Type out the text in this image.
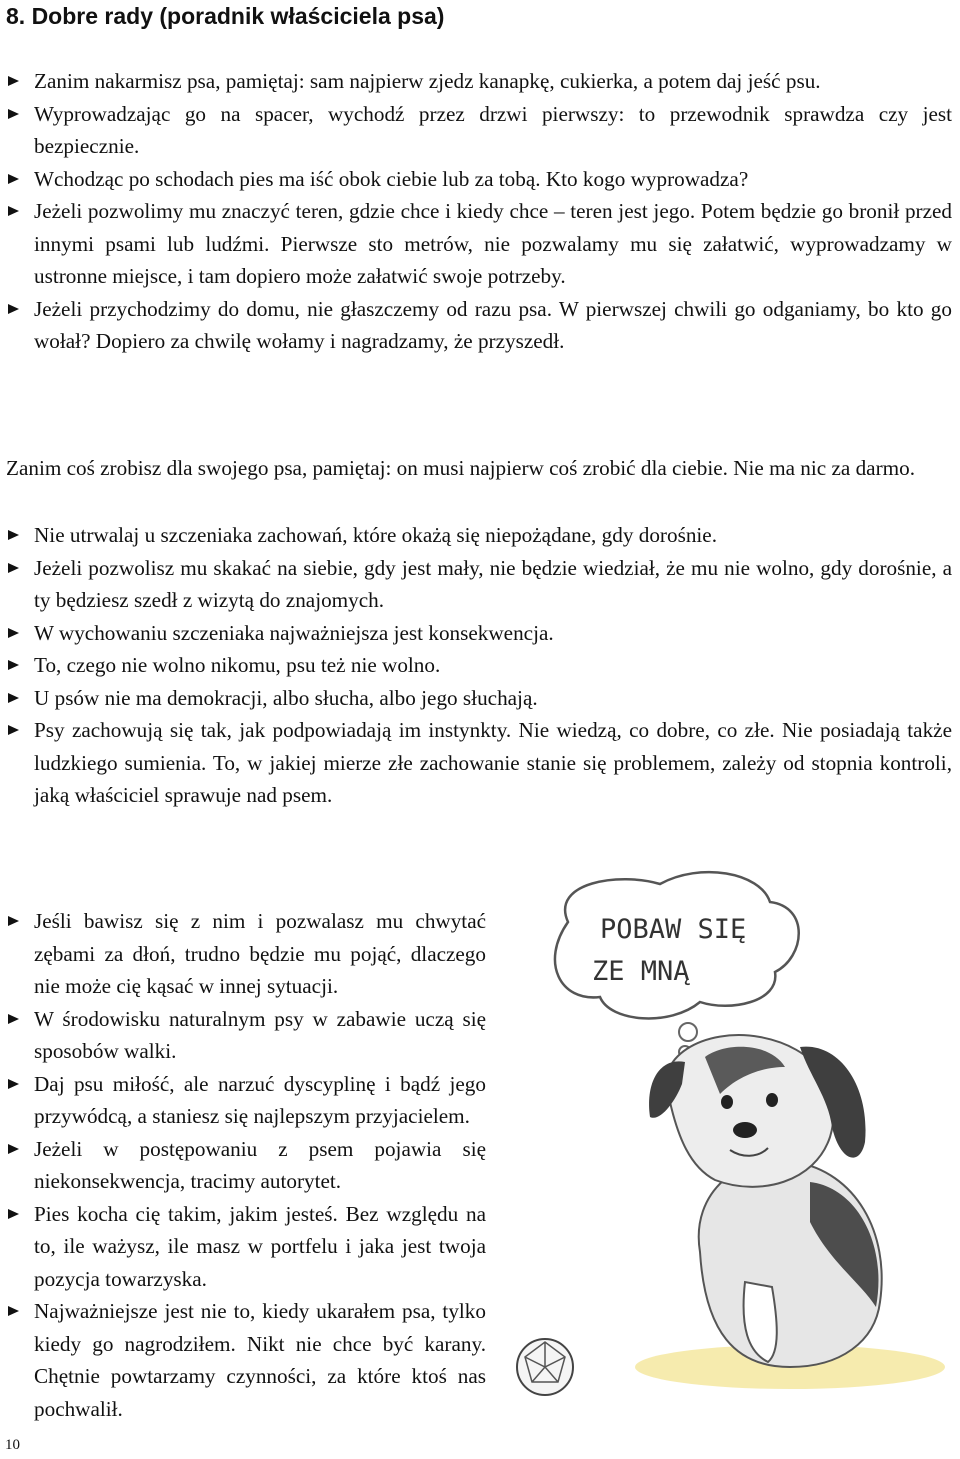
8. Dobre rady (poradnik właściciela psa)
Zanim nakarmisz psa, pamiętaj: sam najpierw zjedz kanapkę, cukierka, a potem daj jeść psu.
Wyprowadzając go na spacer, wychodź przez drzwi pierwszy: to przewodnik sprawdza czy jest bezpiecznie.
Wchodząc po schodach pies ma iść obok ciebie lub za tobą. Kto kogo wyprowadza?
Jeżeli pozwolimy mu znaczyć teren, gdzie chce i kiedy chce – teren jest jego. Potem będzie go bronił przed innymi psami lub ludźmi. Pierwsze sto metrów, nie pozwalamy mu się załatwić, wyprowadzamy w ustronne miejsce, i tam dopiero może załatwić swoje potrzeby.
Jeżeli przychodzimy do domu, nie głaszczemy od razu psa. W pierwszej chwili go odganiamy, bo kto go wołał? Dopiero za chwilę wołamy i nagradzamy, że przyszedł.

Zanim coś zrobisz dla swojego psa, pamiętaj: on musi najpierw coś zrobić dla ciebie. Nie ma nic za darmo.

Nie utrwalaj u szczeniaka zachowań, które okażą się niepożądane, gdy dorośnie.
Jeżeli pozwolisz mu skakać na siebie, gdy jest mały, nie będzie wiedział, że mu nie wolno, gdy dorośnie, a ty będziesz szedł z wizytą do znajomych.
W wychowaniu szczeniaka najważniejsza jest konsekwencja.
To, czego nie wolno nikomu, psu też nie wolno.
U psów nie ma demokracji, albo słucha, albo jego słuchają.
Psy zachowują się tak, jak podpowiadają im instynkty. Nie wiedzą, co dobre, co złe. Nie posiadają także ludzkiego sumienia. To, w jakiej mierze złe zachowanie stanie się problemem, zależy od stopnia kontroli, jaką właściciel sprawuje nad psem.
Jeśli bawisz się z nim i pozwalasz mu chwytać zębami za dłoń, trudno będzie mu pojąć, dlaczego nie może cię kąsać w innej sytuacji.
W środowisku naturalnym psy w zabawie uczą się sposobów walki.
Daj psu miłość, ale narzuć dyscyplinę i bądź jego przywódcą, a staniesz się najlepszym przyjacielem.
Jeżeli w postępowaniu z psem pojawia się niekonsekwencja, tracimy autorytet.
Pies kocha cię takim, jakim jesteś. Bez względu na to, ile ważysz, ile masz w portfelu i jaka jest twoja pozycja towarzyska.
Najważniejsze jest nie to, kiedy ukarałem psa, tylko kiedy go nagrodziłem. Nikt nie chce być karany. Chętnie powtarzamy czynności, za które ktoś nas pochwalił.
POBAW SIĘ
ZE MNĄ
10
